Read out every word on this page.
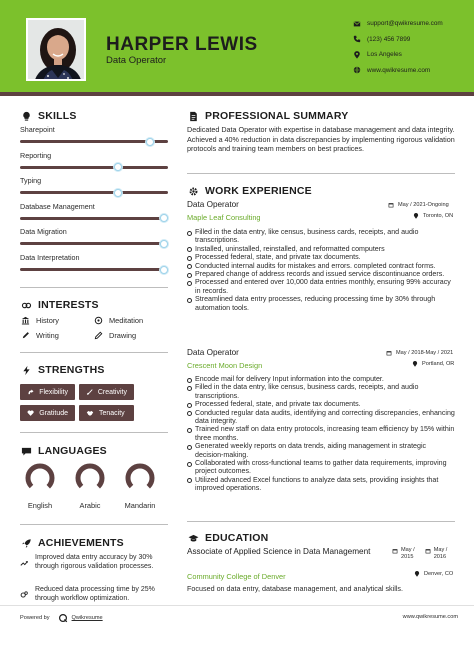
HARPER LEWIS
Data Operator
support@qwikresume.com
(123) 456 7899
Los Angeles
www.qwikresume.com
SKILLS
Sharepoint
Reporting
Typing
Database Management
Data Migration
Data Interpretation
INTERESTS
History	Meditation
Writing	Drawing
STRENGTHS
Flexibility	Creativity
Gratitude	Tenacity
LANGUAGES
English	Arabic	Mandarin
ACHIEVEMENTS
Improved data entry accuracy by 30% through rigorous validation processes.
Reduced data processing time by 25% through workflow optimization.
PROFESSIONAL SUMMARY
Dedicated Data Operator with expertise in database management and data integrity. Achieved a 40% reduction in data discrepancies by implementing rigorous validation protocols and training team members on best practices.
WORK EXPERIENCE
Data Operator
Maple Leaf Consulting
May / 2021-Ongoing
Toronto, ON
Filled in the data entry, like census, business cards, receipts, and audio transcriptions.
Installed, uninstalled, reinstalled, and reformatted computers
Processed federal, state, and private tax documents.
Conducted internal audits for mistakes and errors. completed contract forms.
Prepared change of address records and issued service discontinuance orders.
Processed and entered over 10,000 data entries monthly, ensuring 99% accuracy in records.
Streamlined data entry processes, reducing processing time by 30% through automation tools.
Data Operator
Crescent Moon Design
May / 2018-May / 2021
Portland, OR
Encode mail for delivery Input information into the computer.
Filled in the data entry, like census, business cards, receipts, and audio transcriptions.
Processed federal, state, and private tax documents.
Conducted regular data audits, identifying and correcting discrepancies, enhancing data integrity.
Trained new staff on data entry protocols, increasing team efficiency by 15% within three months.
Generated weekly reports on data trends, aiding management in strategic decision-making.
Collaborated with cross-functional teams to gather data requirements, improving project outcomes.
Utilized advanced Excel functions to analyze data sets, providing insights that improved operations.
EDUCATION
Associate of Applied Science in Data Management
Community College of Denver
Focused on data entry, database management, and analytical skills.
May /
2015
May /
2016
Denver, CO
Powered by	Qwikresume	www.qwikresume.com
